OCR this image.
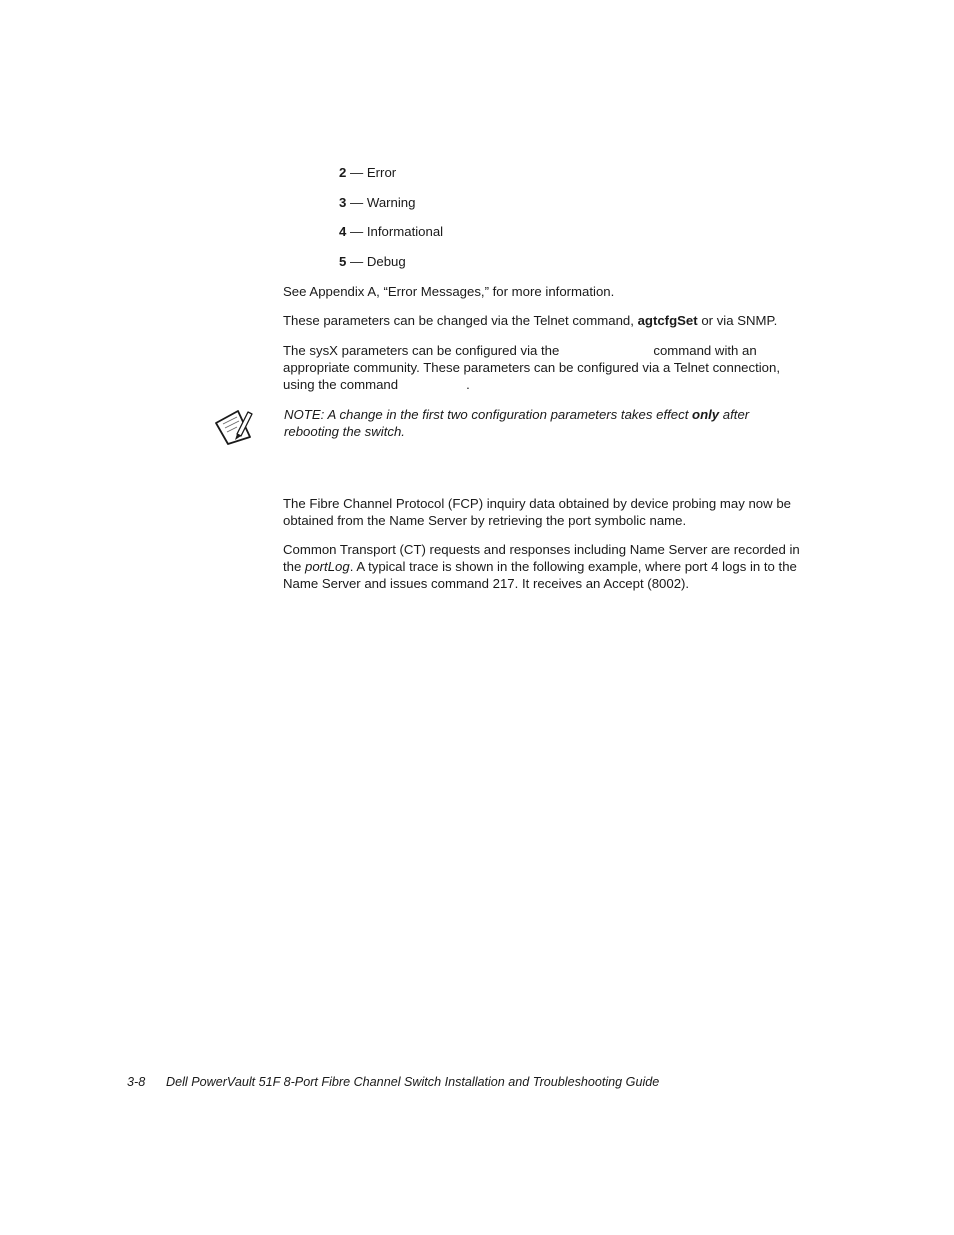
2 — Error
3 — Warning
4 — Informational
5 — Debug

See Appendix A, “Error Messages,” for more information.

These parameters can be changed via the Telnet command, agtcfgSet or via SNMP.

The sysX parameters can be configured via the	command with an appropriate community. These parameters can be configured via a Telnet connection, using the command	.

NOTE: A change in the first two configuration parameters takes effect only after rebooting the switch.

The Fibre Channel Protocol (FCP) inquiry data obtained by device probing may now be obtained from the Name Server by retrieving the port symbolic name.

Common Transport (CT) requests and responses including Name Server are recorded in the portLog. A typical trace is shown in the following example, where port 4 logs in to the Name Server and issues command 217. It receives an Accept (8002).

3-8 Dell PowerVault 51F 8-Port Fibre Channel Switch Installation and Troubleshooting Guide
